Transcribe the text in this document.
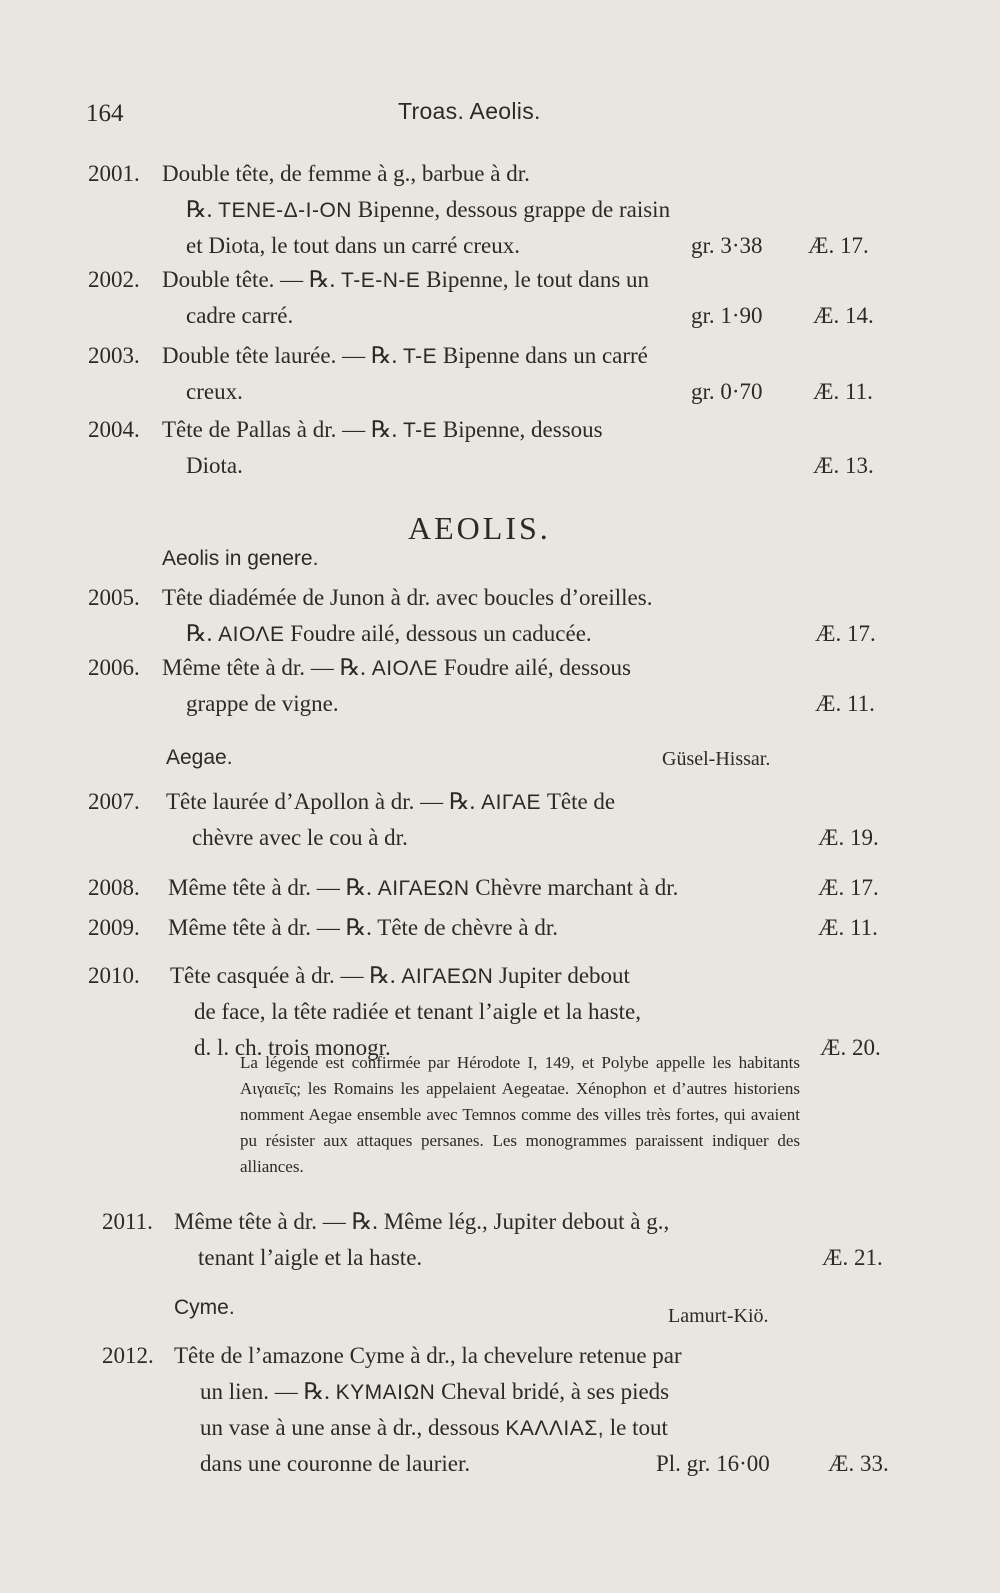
164	Troas. Aeolis.
2001. Double tête, de femme à g., barbue à dr.
℞. TENE-Δ-I-ON Bipenne, dessous grappe de raisin
et Diota, le tout dans un carré creux.	gr. 3·38 Æ. 17.
2002. Double tête. — ℞. T-E-N-E Bipenne, le tout dans un
cadre carré.	gr. 1·90 Æ. 14.
2003. Double tête laurée. — ℞. T-E Bipenne dans un carré
creux.	gr. 0·70 Æ. 11.
2004. Tête de Pallas à dr. — ℞. T-E Bipenne, dessous
Diota.	Æ. 13.
AEOLIS.
Aeolis in genere.
2005. Tête diadémée de Junon à dr. avec boucles d’oreilles.
℞. ΑΙΟΛΕ Foudre ailé, dessous un caducée.	Æ. 17.
2006. Même tête à dr. — ℞. ΑΙΟΛΕ Foudre ailé, dessous
grappe de vigne.	Æ. 11.
Aegae.	Güsel-Hissar.
2007. Tête laurée d’Apollon à dr. — ℞. ΑΙΓΑΕ Tête de
chèvre avec le cou à dr.	Æ. 19.
2008. Même tête à dr. — ℞. ΑΙΓΑΕΩΝ Chèvre marchant à dr.	Æ. 17.
2009. Même tête à dr. — ℞. Tête de chèvre à dr.	Æ. 11.
2010. Tête casquée à dr. — ℞. ΑΙΓΑΕΩΝ Jupiter debout
de face, la tête radiée et tenant l’aigle et la haste,
d. l. ch. trois monogr.	Æ. 20.
La légende est confirmée par Hérodote I, 149, et Polybe appelle les habitants Αιγαιεῖς; les Romains les appelaient Aegeatae. Xénophon et d’autres historiens nomment Aegae ensemble avec Temnos comme des villes très fortes, qui avaient pu résister aux attaques persanes. Les monogrammes paraissent indiquer des alliances.
2011. Même tête à dr. — ℞. Même lég., Jupiter debout à g.,
tenant l’aigle et la haste.	Æ. 21.
Cyme.	Lamurt-Kiö.
2012. Tête de l’amazone Cyme à dr., la chevelure retenue par
un lien. — ℞. ΚΥΜΑΙΩΝ Cheval bridé, à ses pieds
un vase à une anse à dr., dessous ΚΑΛΛΙΑΣ, le tout
dans une couronne de laurier.	Pl. gr. 16·00	Æ. 33.
